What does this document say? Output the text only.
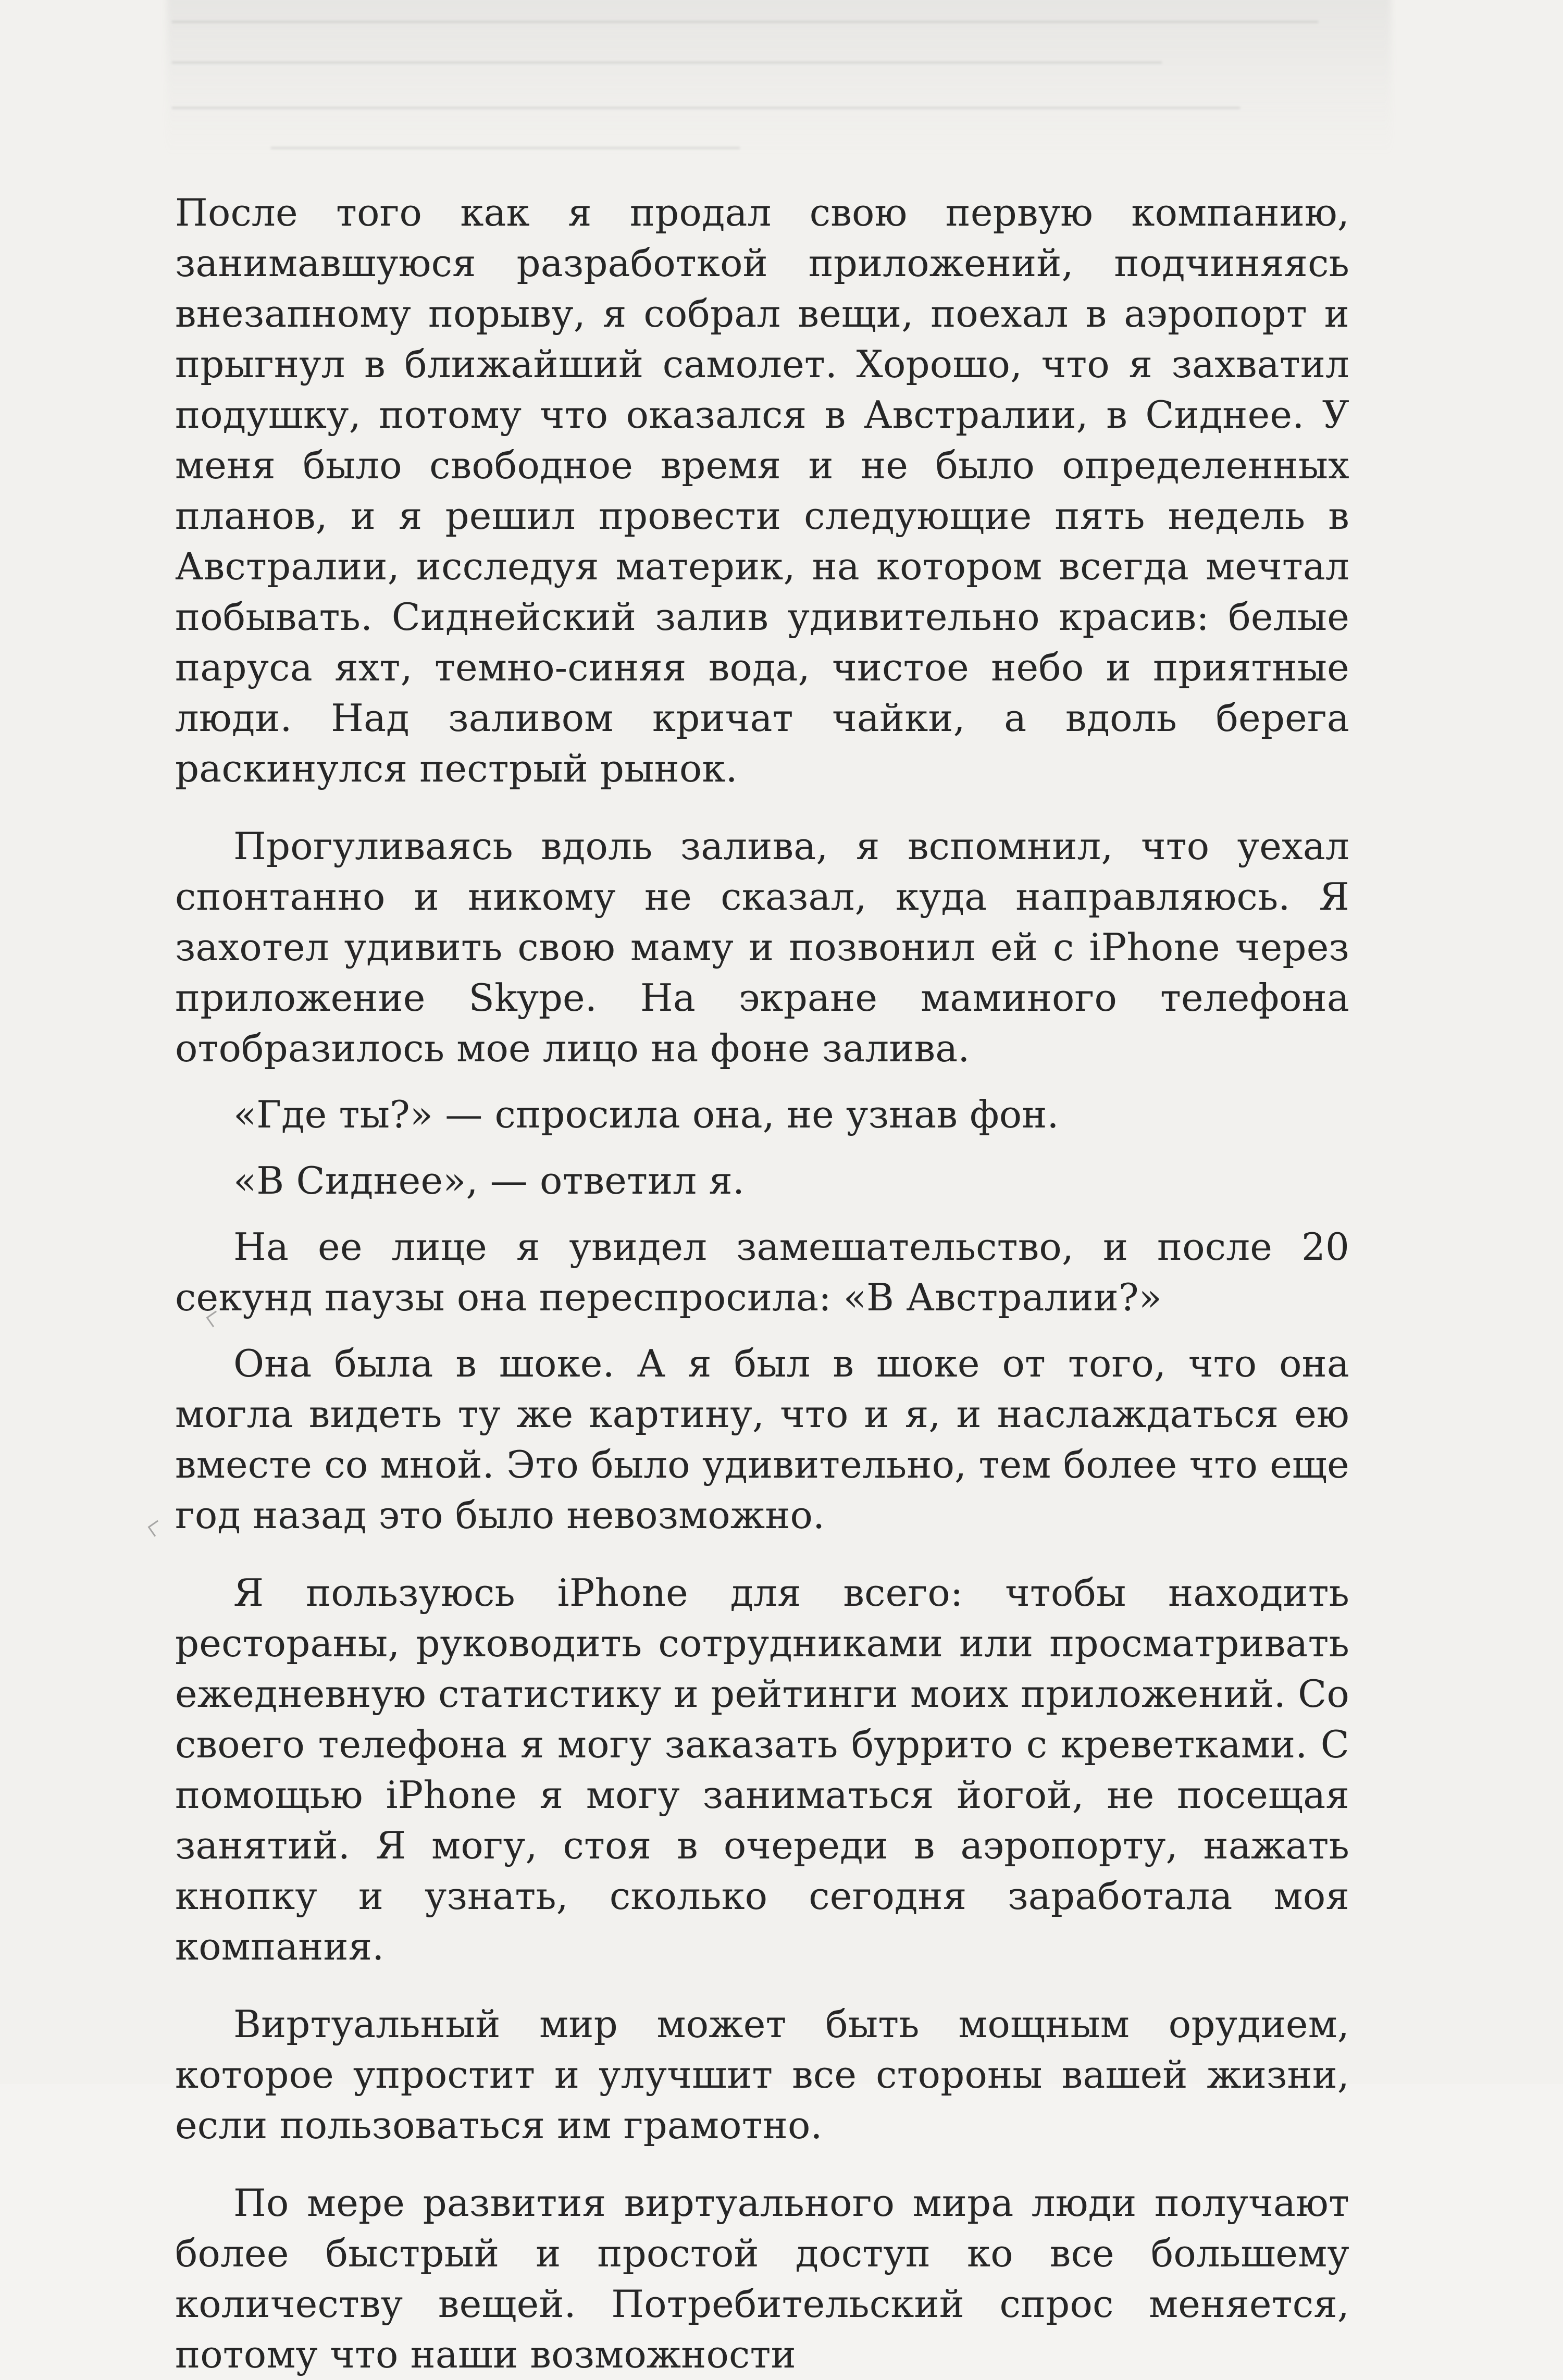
После того как я продал свою первую компанию, занимавшуюся разработкой приложений, подчиняясь внезапному порыву, я собрал вещи, поехал в аэропорт и прыгнул в ближайший самолет. Хорошо, что я захватил подушку, потому что оказался в Австралии, в Сиднее. У меня было свободное время и не было определенных планов, и я решил провести следующие пять недель в Австралии, исследуя материк, на котором всегда мечтал побывать. Сиднейский залив удивительно красив: белые паруса яхт, темно-синяя вода, чистое небо и приятные люди. Над заливом кричат чайки, а вдоль берега раскинулся пестрый рынок.

Прогуливаясь вдоль залива, я вспомнил, что уехал спонтанно и никому не сказал, куда направляюсь. Я захотел удивить свою маму и позвонил ей с iPhone через приложение Skype. На экране маминого телефона отобразилось мое лицо на фоне залива.

«Где ты?» — спросила она, не узнав фон.

«В Сиднее», — ответил я.

На ее лице я увидел замешательство, и после 20 секунд паузы она переспросила: «В Австралии?»

Она была в шоке. А я был в шоке от того, что она могла видеть ту же картину, что и я, и наслаждаться ею вместе со мной. Это было удивительно, тем более что еще год назад это было невозможно.

Я пользуюсь iPhone для всего: чтобы находить рестораны, руководить сотрудниками или просматривать ежедневную статистику и рейтинги моих приложений. Со своего телефона я могу заказать буррито с креветками. С помощью iPhone я могу заниматься йогой, не посещая занятий. Я могу, стоя в очереди в аэропорту, нажать кнопку и узнать, сколько сегодня заработала моя компания.

Виртуальный мир может быть мощным орудием, которое упростит и улучшит все стороны вашей жизни, если пользоваться им грамотно.

По мере развития виртуального мира люди получают более быстрый и простой доступ ко все большему количеству вещей. Потребительский спрос меняется, потому что наши возможности
